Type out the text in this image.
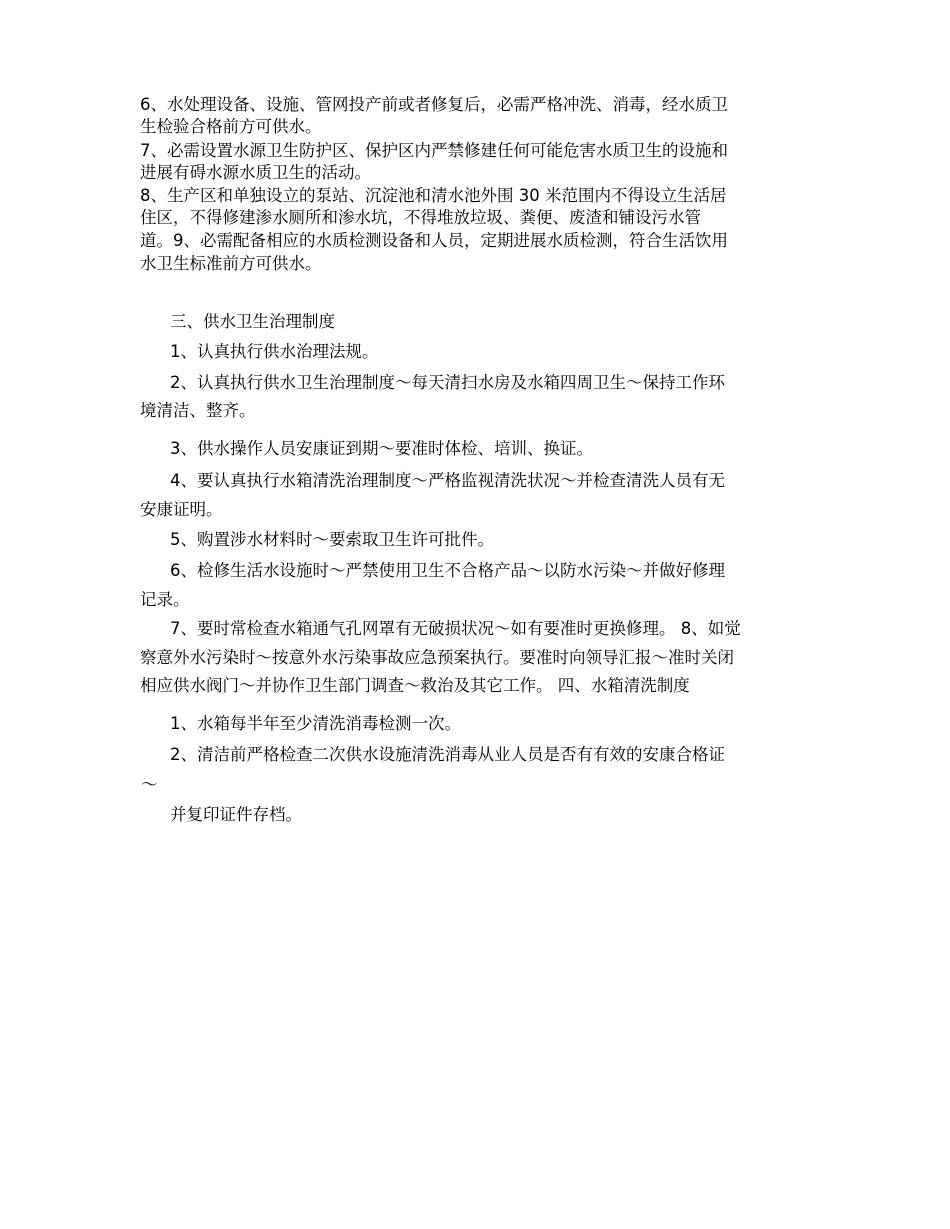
6、水处理设备、设施、管网投产前或者修复后，必需严格冲洗、消毒，经水质卫
生检验合格前方可供水。
7、必需设置水源卫生防护区、保护区内严禁修建任何可能危害水质卫生的设施和
进展有碍水源水质卫生的活动。
8、生产区和单独设立的泵站、沉淀池和清水池外围 30 米范围内不得设立生活居
住区，不得修建渗水厕所和渗水坑，不得堆放垃圾、粪便、废渣和铺设污水管
道。9、必需配备相应的水质检测设备和人员，定期进展水质检测，符合生活饮用
水卫生标准前方可供水。
三、供水卫生治理制度
1、认真执行供水治理法规。
2、认真执行供水卫生治理制度～每天清扫水房及水箱四周卫生～保持工作环
境清洁、整齐。
3、供水操作人员安康证到期～要准时体检、培训、换证。
4、要认真执行水箱清洗治理制度～严格监视清洗状况～并检查清洗人员有无
安康证明。
5、购置涉水材料时～要索取卫生许可批件。
6、检修生活水设施时～严禁使用卫生不合格产品～以防水污染～并做好修理
记录。
7、要时常检查水箱通气孔网罩有无破损状况～如有要准时更换修理。 8、如觉
察意外水污染时～按意外水污染事故应急预案执行。要准时向领导汇报～准时关闭
相应供水阀门～并协作卫生部门调查～救治及其它工作。 四、水箱清洗制度
1、水箱每半年至少清洗消毒检测一次。
2、清洁前严格检查二次供水设施清洗消毒从业人员是否有有效的安康合格证
～
并复印证件存档。
